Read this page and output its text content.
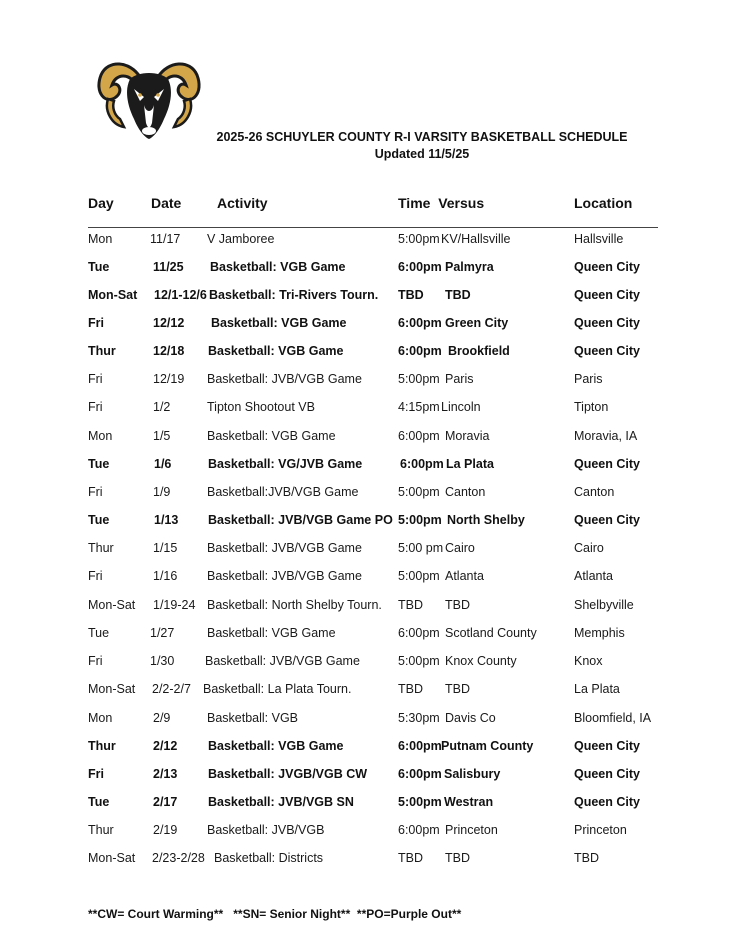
2025-26 SCHUYLER COUNTY R-I VARSITY BASKETBALL SCHEDULE
Updated 11/5/25
Day	Date	Activity	Time  Versus	Location
Mon	11/17 V Jamboree	5:00pm KV/Hallsville	Hallsville
Tue	11/25 Basketball: VGB Game	6:00pm Palmyra	Queen City
Mon-Sat 12/1-12/6 Basketball: Tri-Rivers Tourn. TBD TBD	Queen City
Fri	12/12 Basketball: VGB Game	6:00pm Green City	Queen City
Thur	12/18 Basketball: VGB Game	6:00pm Brookfield	Queen City
Fri	12/19 Basketball: JVB/VGB Game	5:00pm Paris	Paris
Fri	1/2	Tipton Shootout VB	4:15pm Lincoln	Tipton
Mon	1/5	Basketball: VGB Game	6:00pm Moravia	Moravia, IA
Tue	1/6	Basketball: VG/JVB Game	6:00pm La Plata	Queen City
Fri	1/9	Basketball:JVB/VGB Game	5:00pm Canton	Canton
Tue	1/13 Basketball: JVB/VGB Game PO 5:00pm North Shelby	Queen City
Thur	1/15 Basketball: JVB/VGB Game	5:00 pm Cairo	Cairo
Fri	1/16 Basketball: JVB/VGB Game	5:00pm Atlanta	Atlanta
Mon-Sat 1/19-24 Basketball: North Shelby Tourn. TBD TBD	Shelbyville
Tue	1/27	Basketball: VGB Game	6:00pm Scotland County	Memphis
Fri	1/30 Basketball: JVB/VGB Game	5:00pm Knox County	Knox
Mon-Sat 2/2-2/7 Basketball: La Plata Tourn.	TBD TBD	La Plata
Mon	2/9	Basketball: VGB	5:30pm Davis Co	Bloomfield, IA
Thur	2/12 Basketball: VGB Game	6:00pm Putnam County	Queen City
Fri	2/13 Basketball: JVGB/VGB CW 6:00pm Salisbury	Queen City
Tue	2/17 Basketball: JVB/VGB SN	5:00pm Westran	Queen City
Thur	2/19 Basketball: JVB/VGB	6:00pm Princeton	Princeton
Mon-Sat 2/23-2/28 Basketball: Districts	TBD TBD	TBD
**CW= Court Warming**   **SN= Senior Night**  **PO=Purple Out**
